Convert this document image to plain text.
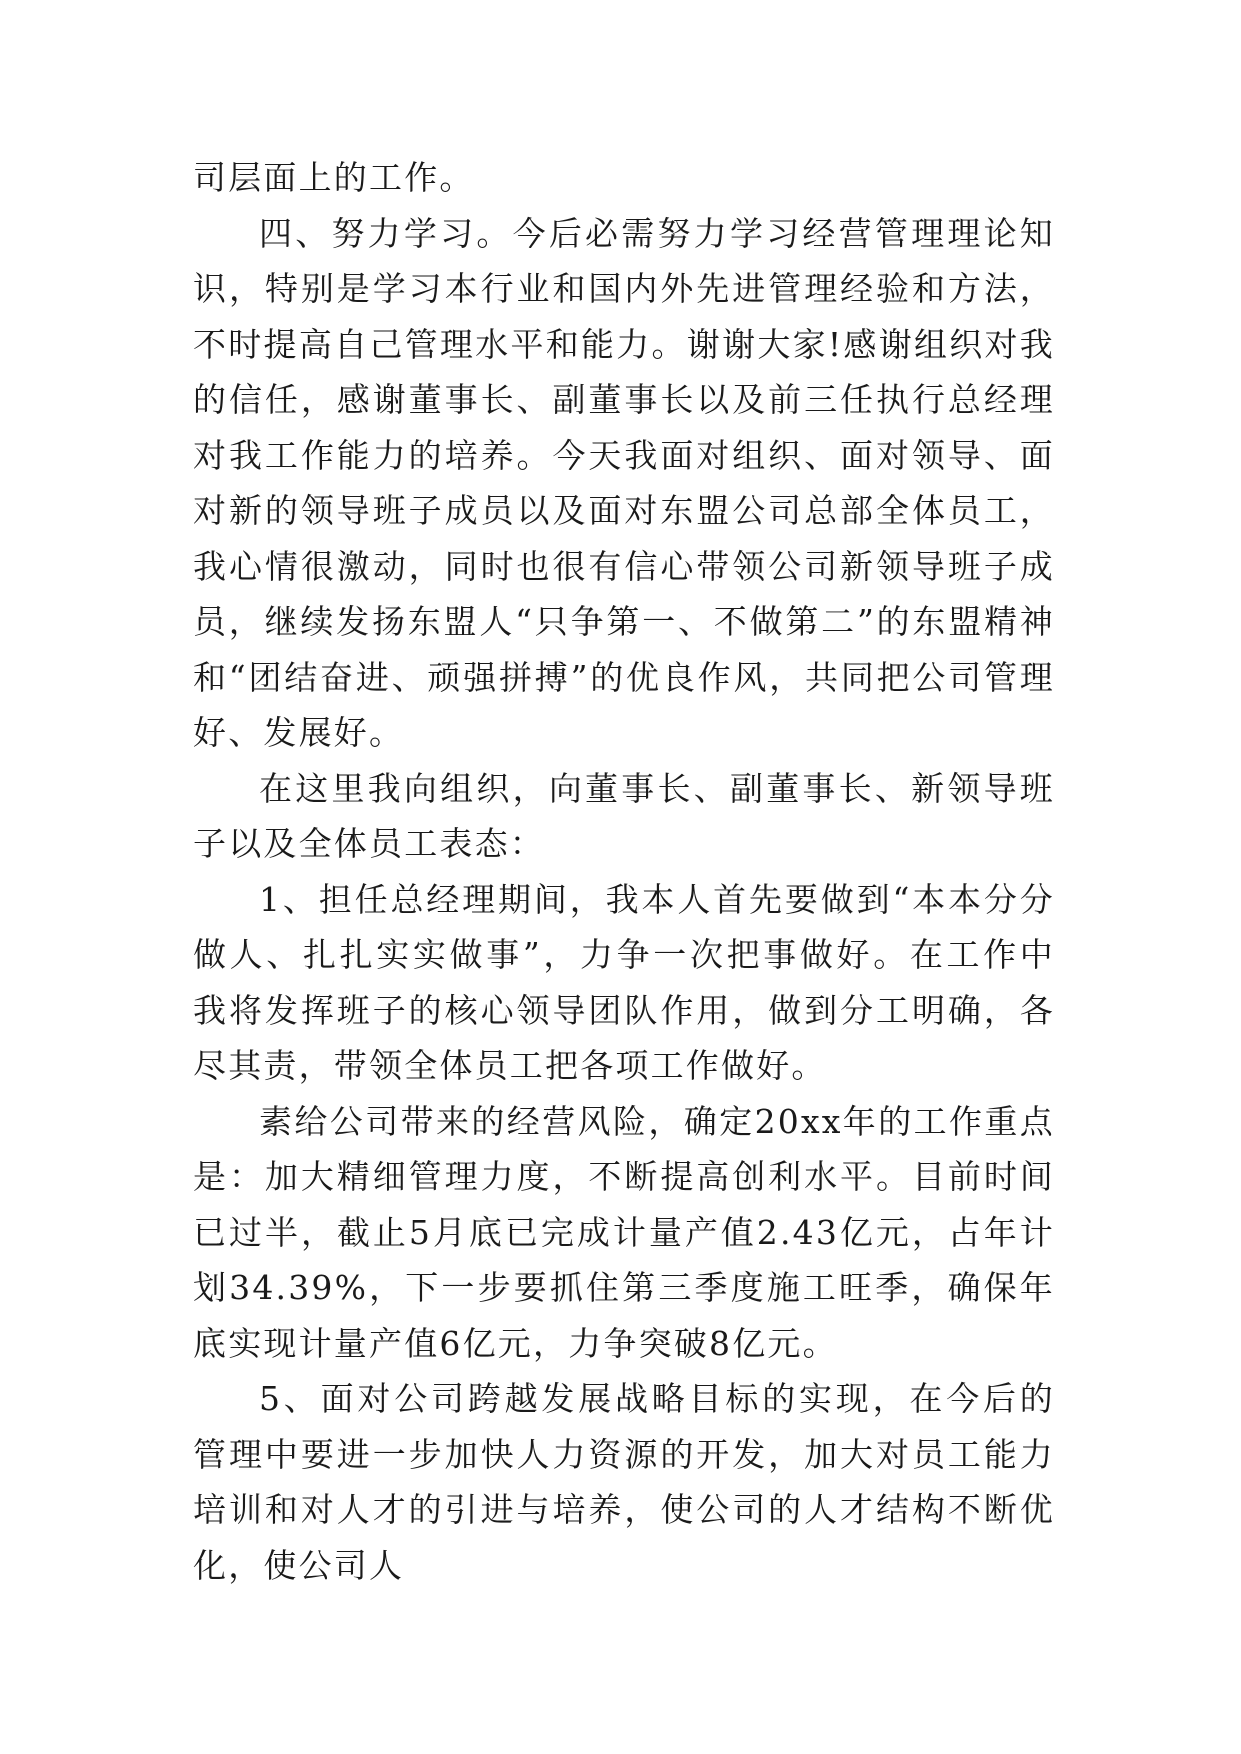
司层面上的工作。

四、努力学习。今后必需努力学习经营管理理论知识，特别是学习本行业和国内外先进管理经验和方法，不时提高自己管理水平和能力。谢谢大家!感谢组织对我的信任，感谢董事长、副董事长以及前三任执行总经理对我工作能力的培养。今天我面对组织、面对领导、面对新的领导班子成员以及面对东盟公司总部全体员工，我心情很激动，同时也很有信心带领公司新领导班子成员，继续发扬东盟人“只争第一、不做第二”的东盟精神和“团结奋进、顽强拼搏”的优良作风，共同把公司管理好、发展好。

在这里我向组织，向董事长、副董事长、新领导班子以及全体员工表态：

1、担任总经理期间，我本人首先要做到“本本分分做人、扎扎实实做事”，力争一次把事做好。在工作中我将发挥班子的核心领导团队作用，做到分工明确，各尽其责，带领全体员工把各项工作做好。

素给公司带来的经营风险，确定20xx年的工作重点是：加大精细管理力度，不断提高创利水平。目前时间已过半，截止5月底已完成计量产值2.43亿元，占年计划34.39%，下一步要抓住第三季度施工旺季，确保年底实现计量产值6亿元，力争突破8亿元。

5、面对公司跨越发展战略目标的实现，在今后的管理中要进一步加快人力资源的开发，加大对员工能力培训和对人才的引进与培养，使公司的人才结构不断优化，使公司人
